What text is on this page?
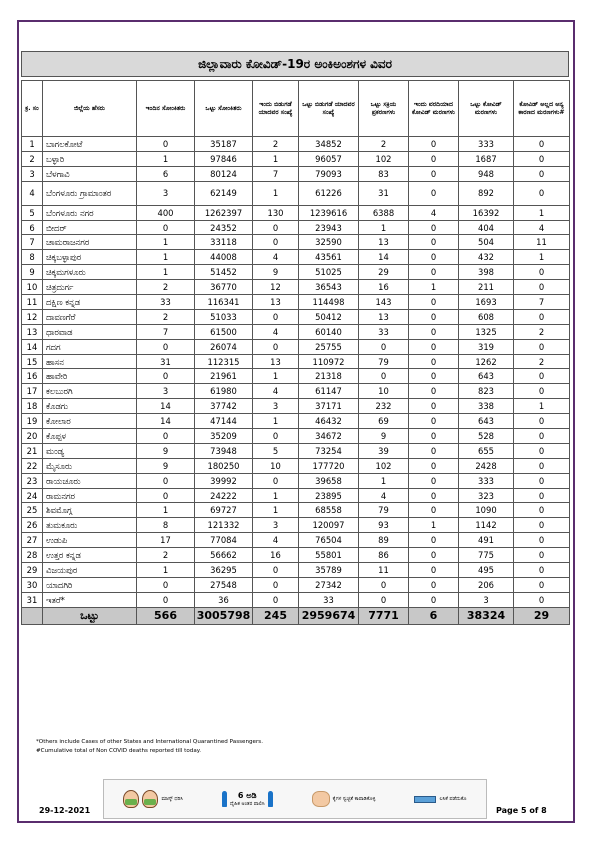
ಜಿಲ್ಲಾವಾರು ಕೋವಿಡ್-19ರ ಅಂಕಿಅಂಶಗಳ ವಿವರ
ಕ್ರ. ಸಂ	ಜಿಲ್ಲೆಯ ಹೆಸರು	ಇಂದಿನ ಸೋಂಕಿತರು	ಒಟ್ಟು ಸೋಂಕಿತರು	ಇಂದು ಬಿಡುಗಡೆ ಯಾದವರ ಸಂಖ್ಯೆ	ಒಟ್ಟು ಬಿಡುಗಡೆ ಯಾದವರ ಸಂಖ್ಯೆ	ಒಟ್ಟು ಸಕ್ರಿಯ ಪ್ರಕರಣಗಳು	ಇಂದು ವರದಿಯಾದ ಕೋವಿಡ್ ಮರಣಗಳು	ಒಟ್ಟು ಕೋವಿಡ್ ಮರಣಗಳು	ಕೋವಿಡ್ ಅಲ್ಲದ ಅನ್ಯ ಕಾರಣದ ಮರಣಗಳು#
1	ಬಾಗಲಕೋಟೆ	0	35187	2	34852	2	0	333	0
2	ಬಳ್ಳಾರಿ	1	97846	1	96057	102	0	1687	0
3	ಬೆಳಗಾವಿ	6	80124	7	79093	83	0	948	0
4	ಬೆಂಗಳೂರು ಗ್ರಾಮಾಂತರ	3	62149	1	61226	31	0	892	0
5	ಬೆಂಗಳೂರು ನಗರ	400	1262397	130	1239616	6388	4	16392	1
6	ಬೀದರ್	0	24352	0	23943	1	0	404	4
7	ಚಾಮರಾಜನಗರ	1	33118	0	32590	13	0	504	11
8	ಚಿಕ್ಕಬಳ್ಳಾಪುರ	1	44008	4	43561	14	0	432	1
9	ಚಿಕ್ಕಮಗಳೂರು	1	51452	9	51025	29	0	398	0
10	ಚಿತ್ರದುರ್ಗ	2	36770	12	36543	16	1	211	0
11	ದಕ್ಷಿಣ ಕನ್ನಡ	33	116341	13	114498	143	0	1693	7
12	ದಾವಣಗೆರೆ	2	51033	0	50412	13	0	608	0
13	ಧಾರವಾಡ	7	61500	4	60140	33	0	1325	2
14	ಗದಗ	0	26074	0	25755	0	0	319	0
15	ಹಾಸನ	31	112315	13	110972	79	0	1262	2
16	ಹಾವೇರಿ	0	21961	1	21318	0	0	643	0
17	ಕಲಬುರಗಿ	3	61980	4	61147	10	0	823	0
18	ಕೊಡಗು	14	37742	3	37171	232	0	338	1
19	ಕೋಲಾರ	14	47144	1	46432	69	0	643	0
20	ಕೊಪ್ಪಳ	0	35209	0	34672	9	0	528	0
21	ಮಂಡ್ಯ	9	73948	5	73254	39	0	655	0
22	ಮೈಸೂರು	9	180250	10	177720	102	0	2428	0
23	ರಾಯಚೂರು	0	39992	0	39658	1	0	333	0
24	ರಾಮನಗರ	0	24222	1	23895	4	0	323	0
25	ಶಿವಮೊಗ್ಗ	1	69727	1	68558	79	0	1090	0
26	ತುಮಕೂರು	8	121332	3	120097	93	1	1142	0
27	ಉಡುಪಿ	17	77084	4	76504	89	0	491	0
28	ಉತ್ತರ ಕನ್ನಡ	2	56662	16	55801	86	0	775	0
29	ವಿಜಯಪುರ	1	36295	0	35789	11	0	495	0
30	ಯಾದಗಿರಿ	0	27548	0	27342	0	0	206	0
31	ಇತರೆ*	0	36	0	33	0	0	3	0
	ಒಟ್ಟು	566	3005798	245	2959674	7771	6	38324	29
*Others include Cases of other States and International Quarantined Passengers.
#Cumulative total of Non COVID deaths reported till today.
ಮಾಸ್ಕ್ ಧರಿಸಿ	6 ಅಡಿ
ದೈಹಿಕ ಅಂತರ ಪಾಲಿಸಿ
ಕೈಗಳ ಸ್ವಚ್ಛತೆ ಕಾಪಾಡಿಕೊಳ್ಳಿ	ಲಸಿಕೆ ಪಡೆದುಕೊ
29-12-2021	Page 5 of 8
